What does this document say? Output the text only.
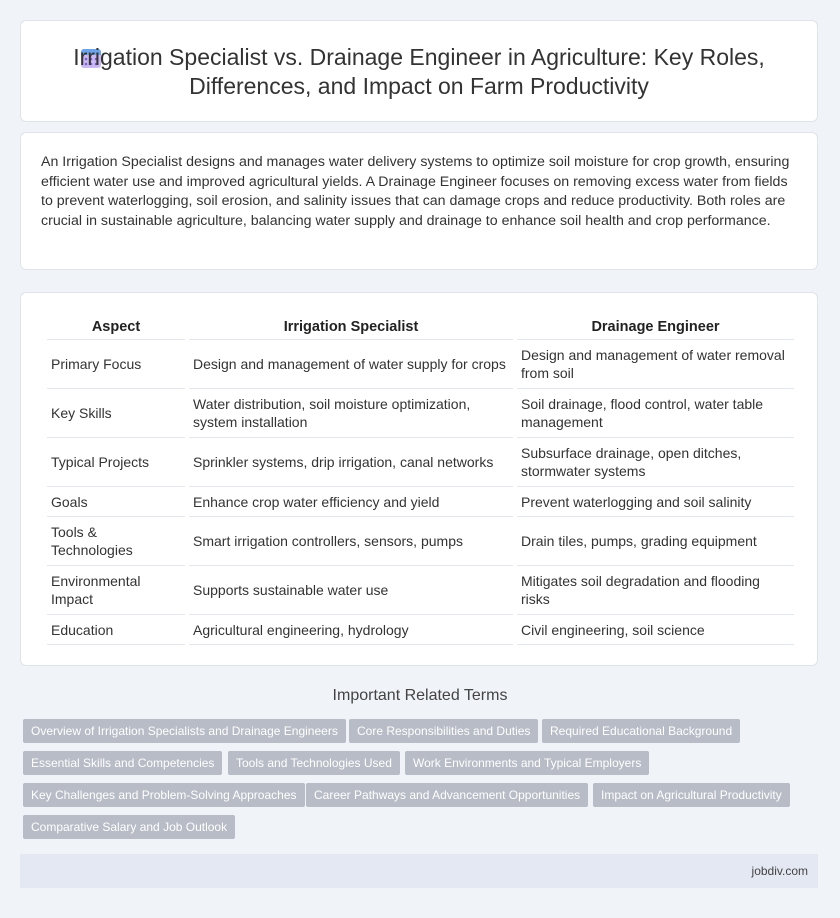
Irrigation Specialist vs. Drainage Engineer in Agriculture: Key Roles, Differences, and Impact on Farm Productivity
An Irrigation Specialist designs and manages water delivery systems to optimize soil moisture for crop growth, ensuring efficient water use and improved agricultural yields. A Drainage Engineer focuses on removing excess water from fields to prevent waterlogging, soil erosion, and salinity issues that can damage crops and reduce productivity. Both roles are crucial in sustainable agriculture, balancing water supply and drainage to enhance soil health and crop performance.
Aspect	Irrigation Specialist	Drainage Engineer
Primary Focus	Design and management of water supply for crops	Design and management of water removal from soil
Key Skills	Water distribution, soil moisture optimization, system installation	Soil drainage, flood control, water table management
Typical Projects	Sprinkler systems, drip irrigation, canal networks	Subsurface drainage, open ditches, stormwater systems
Goals	Enhance crop water efficiency and yield	Prevent waterlogging and soil salinity
Tools & Technologies	Smart irrigation controllers, sensors, pumps	Drain tiles, pumps, grading equipment
Environmental Impact	Supports sustainable water use	Mitigates soil degradation and flooding risks
Education	Agricultural engineering, hydrology	Civil engineering, soil science
Important Related Terms
Overview of Irrigation Specialists and Drainage Engineers	Core Responsibilities and Duties	Required Educational Background
Essential Skills and Competencies	Tools and Technologies Used	Work Environments and Typical Employers
Key Challenges and Problem-Solving Approaches	Career Pathways and Advancement Opportunities	Impact on Agricultural Productivity
Comparative Salary and Job Outlook
jobdiv.com
